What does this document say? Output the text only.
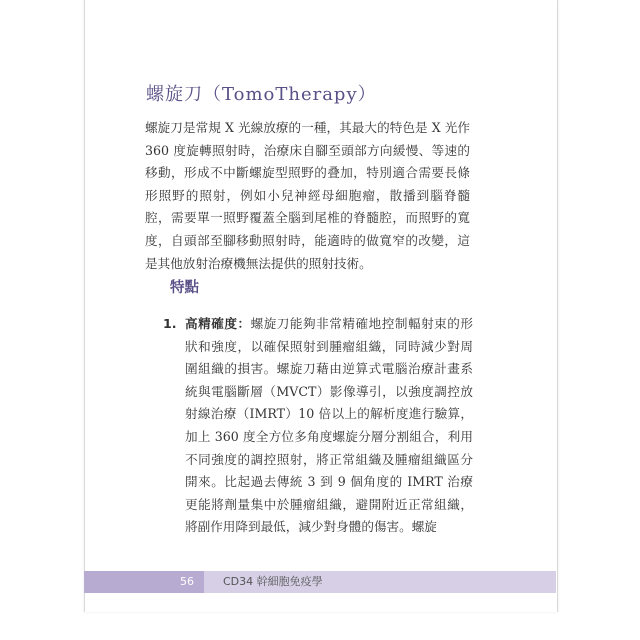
螺旋刀（TomoTherapy）

螺旋刀是常規 X 光線放療的一種，其最大的特色是 X 光作 360 度旋轉照射時，治療床自腳至頭部方向緩慢、等速的移動，形成不中斷螺旋型照野的叠加，特別適合需要長條形照野的照射，例如小兒神經母細胞瘤，散播到腦脊髓腔，需要單一照野覆蓋全腦到尾椎的脊髓腔，而照野的寬度，自頭部至腳移動照射時，能適時的做寬窄的改變，這是其他放射治療機無法提供的照射技術。

特點
1. 高精確度：螺旋刀能夠非常精確地控制輻射束的形狀和強度，以確保照射到腫瘤組織，同時減少對周圍組織的損害。螺旋刀藉由逆算式電腦治療計畫系統與電腦斷層（MVCT）影像導引，以強度調控放射線治療（IMRT）10 倍以上的解析度進行驗算，加上 360 度全方位多角度螺旋分層分割組合，利用不同強度的調控照射，將正常組織及腫瘤組織區分開來。比起過去傳統 3 到 9 個角度的 IMRT 治療更能將劑量集中於腫瘤組織，避開附近正常組織，將副作用降到最低，減少對身體的傷害。螺旋
56	CD34 幹細胞免疫學
